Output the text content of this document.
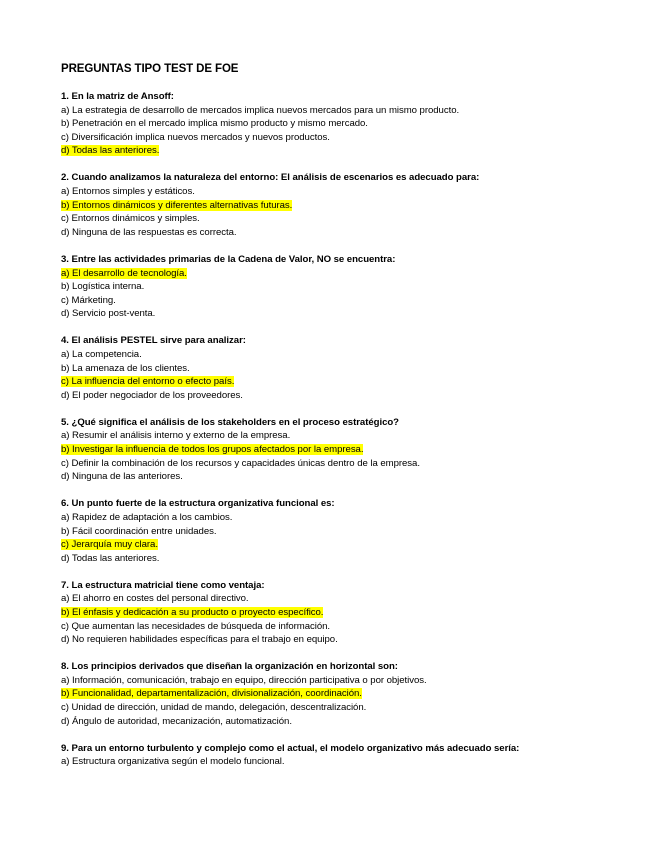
PREGUNTAS TIPO TEST DE FOE
1. En la matriz de Ansoff:
a) La estrategia de desarrollo de mercados implica nuevos mercados para un mismo producto.
b) Penetración en el mercado implica mismo producto y mismo mercado.
c) Diversificación implica nuevos mercados y nuevos productos.
d) Todas las anteriores.
2. Cuando analizamos la naturaleza del entorno: El análisis de escenarios es adecuado para:
a) Entornos simples y estáticos.
b) Entornos dinámicos y diferentes alternativas futuras.
c) Entornos dinámicos y simples.
d) Ninguna de las respuestas es correcta.
3. Entre las actividades primarias de la Cadena de Valor, NO se encuentra:
a) El desarrollo de tecnología.
b) Logística interna.
c) Márketing.
d) Servicio post-venta.
4. El análisis PESTEL sirve para analizar:
a) La competencia.
b) La amenaza de los clientes.
c) La influencia del entorno o efecto país.
d) El poder negociador de los proveedores.
5. ¿Qué significa el análisis de los stakeholders en el proceso estratégico?
a) Resumir el análisis interno y externo de la empresa.
b) Investigar la influencia de todos los grupos afectados por la empresa.
c) Definir la combinación de los recursos y capacidades únicas dentro de la empresa.
d) Ninguna de las anteriores.
6. Un punto fuerte de la estructura organizativa funcional es:
a) Rapidez de adaptación a los cambios.
b) Fácil coordinación entre unidades.
c) Jerarquía muy clara.
d) Todas las anteriores.
7. La estructura matricial tiene como ventaja:
a) El ahorro en costes del personal directivo.
b) El énfasis y dedicación a su producto o proyecto específico.
c) Que aumentan las necesidades de búsqueda de información.
d) No requieren habilidades específicas para el trabajo en equipo.
8. Los principios derivados que diseñan la organización en horizontal son:
a) Información, comunicación, trabajo en equipo, dirección participativa o por objetivos.
b) Funcionalidad, departamentalización, divisionalización, coordinación.
c) Unidad de dirección, unidad de mando, delegación, descentralización.
d) Ángulo de autoridad, mecanización, automatización.
9. Para un entorno turbulento y complejo como el actual, el modelo organizativo más adecuado sería:
a) Estructura organizativa según el modelo funcional.
